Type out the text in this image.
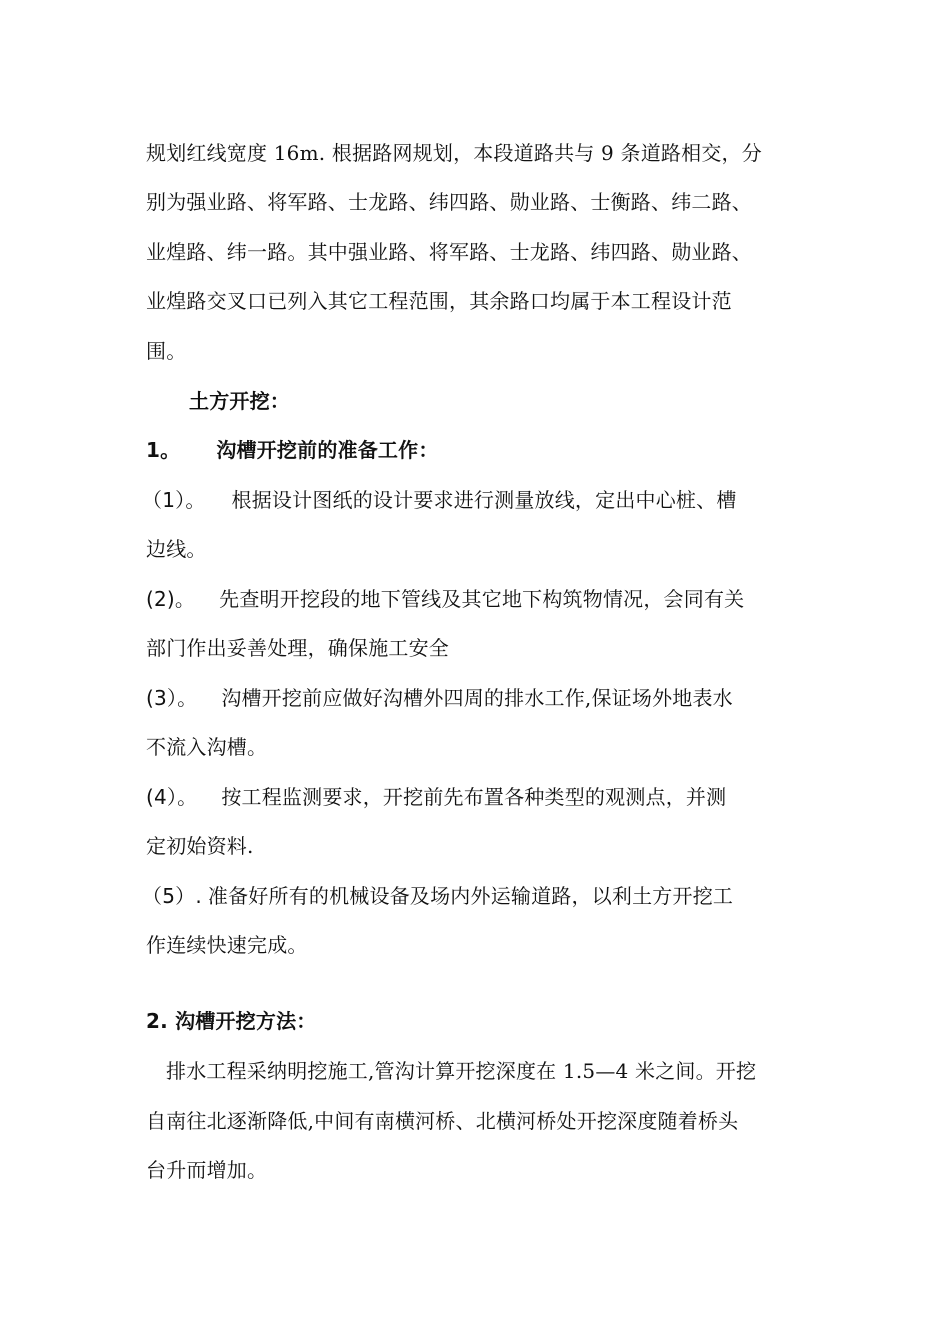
规划红线宽度 16m. 根据路网规划，本段道路共与 9 条道路相交，分
别为强业路、将军路、士龙路、纬四路、勋业路、士衡路、纬二路、
业煌路、纬一路。其中强业路、将军路、士龙路、纬四路、勋业路、
业煌路交叉口已列入其它工程范围，其余路口均属于本工程设计范
围。
土方开挖：
1。 沟槽开挖前的准备工作：
（1）。 根据设计图纸的设计要求进行测量放线，定出中心桩、槽
边线。
(2)。 先查明开挖段的地下管线及其它地下构筑物情况，会同有关
部门作出妥善处理，确保施工安全
(3）。 沟槽开挖前应做好沟槽外四周的排水工作,保证场外地表水
不流入沟槽。
(4）。 按工程监测要求，开挖前先布置各种类型的观测点，并测
定初始资料.
（5）. 准备好所有的机械设备及场内外运输道路，以利土方开挖工
作连续快速完成。
2. 沟槽开挖方法：
排水工程采纳明挖施工,管沟计算开挖深度在 1.5—4 米之间。开挖
自南往北逐渐降低,中间有南横河桥、北横河桥处开挖深度随着桥头
台升而增加。
